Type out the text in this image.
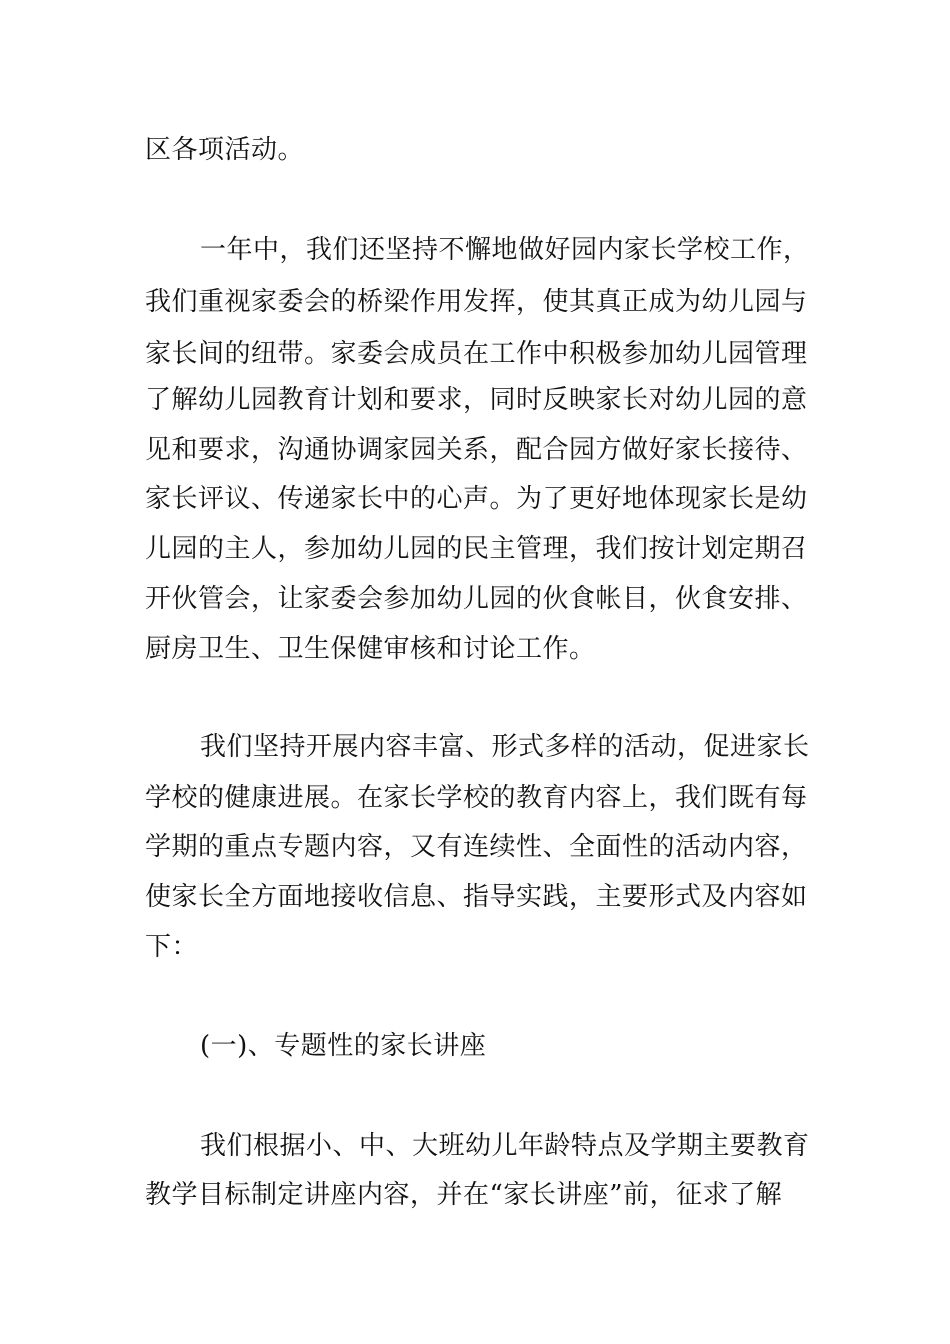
区各项活动。
一年中，我们还坚持不懈地做好园内家长学校工作，
我们重视家委会的桥梁作用发挥，使其真正成为幼儿园与
家长间的纽带。家委会成员在工作中积极参加幼儿园管理
了解幼儿园教育计划和要求，同时反映家长对幼儿园的意
见和要求，沟通协调家园关系，配合园方做好家长接待、
家长评议、传递家长中的心声。为了更好地体现家长是幼
儿园的主人，参加幼儿园的民主管理，我们按计划定期召
开伙管会，让家委会参加幼儿园的伙食帐目，伙食安排、
厨房卫生、卫生保健审核和讨论工作。
我们坚持开展内容丰富、形式多样的活动，促进家长
学校的健康进展。在家长学校的教育内容上，我们既有每
学期的重点专题内容，又有连续性、全面性的活动内容，
使家长全方面地接收信息、指导实践，主要形式及内容如
下：
(一)、专题性的家长讲座
我们根据小、中、大班幼儿年龄特点及学期主要教育
教学目标制定讲座内容，并在“家长讲座”前，征求了解
